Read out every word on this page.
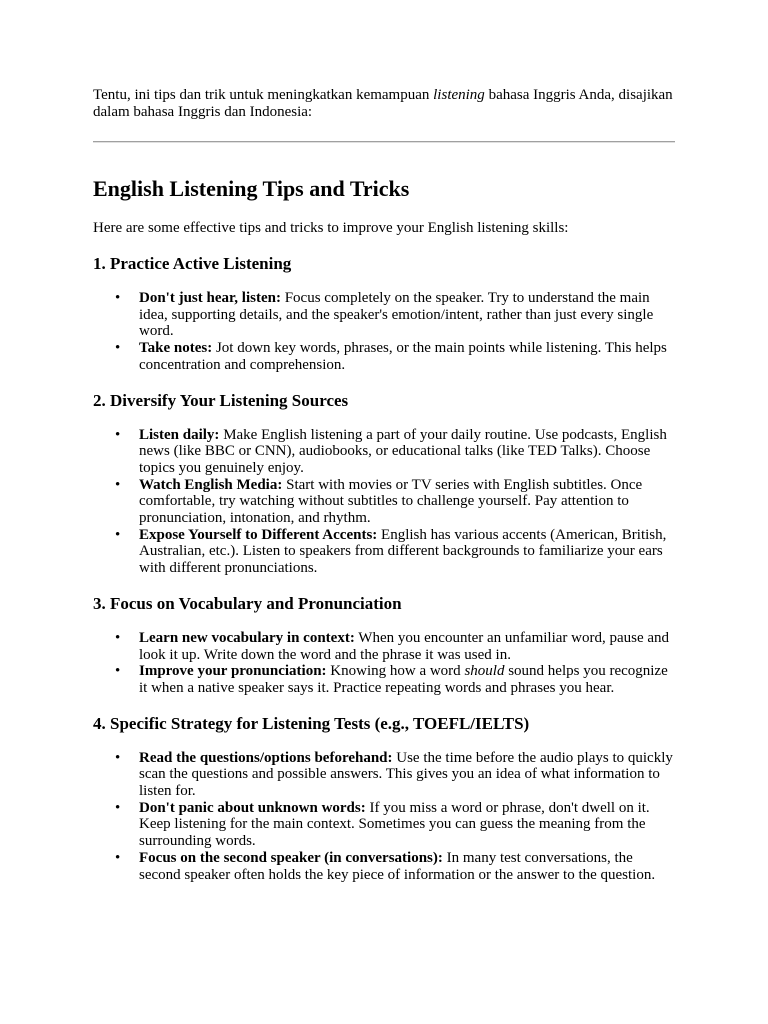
Tentu, ini tips dan trik untuk meningkatkan kemampuan listening bahasa Inggris Anda, disajikan dalam bahasa Inggris dan Indonesia:

English Listening Tips and Tricks

Here are some effective tips and tricks to improve your English listening skills:

1. Practice Active Listening
• Don't just hear, listen: Focus completely on the speaker. Try to understand the main idea, supporting details, and the speaker's emotion/intent, rather than just every single word.
• Take notes: Jot down key words, phrases, or the main points while listening. This helps concentration and comprehension.
2. Diversify Your Listening Sources
• Listen daily: Make English listening a part of your daily routine. Use podcasts, English news (like BBC or CNN), audiobooks, or educational talks (like TED Talks). Choose topics you genuinely enjoy.
• Watch English Media: Start with movies or TV series with English subtitles. Once comfortable, try watching without subtitles to challenge yourself. Pay attention to pronunciation, intonation, and rhythm.
• Expose Yourself to Different Accents: English has various accents (American, British, Australian, etc.). Listen to speakers from different backgrounds to familiarize your ears with different pronunciations.
3. Focus on Vocabulary and Pronunciation
• Learn new vocabulary in context: When you encounter an unfamiliar word, pause and look it up. Write down the word and the phrase it was used in.
• Improve your pronunciation: Knowing how a word should sound helps you recognize it when a native speaker says it. Practice repeating words and phrases you hear.
4. Specific Strategy for Listening Tests (e.g., TOEFL/IELTS)
• Read the questions/options beforehand: Use the time before the audio plays to quickly scan the questions and possible answers. This gives you an idea of what information to listen for.
• Don't panic about unknown words: If you miss a word or phrase, don't dwell on it. Keep listening for the main context. Sometimes you can guess the meaning from the surrounding words.
• Focus on the second speaker (in conversations): In many test conversations, the second speaker often holds the key piece of information or the answer to the question.
